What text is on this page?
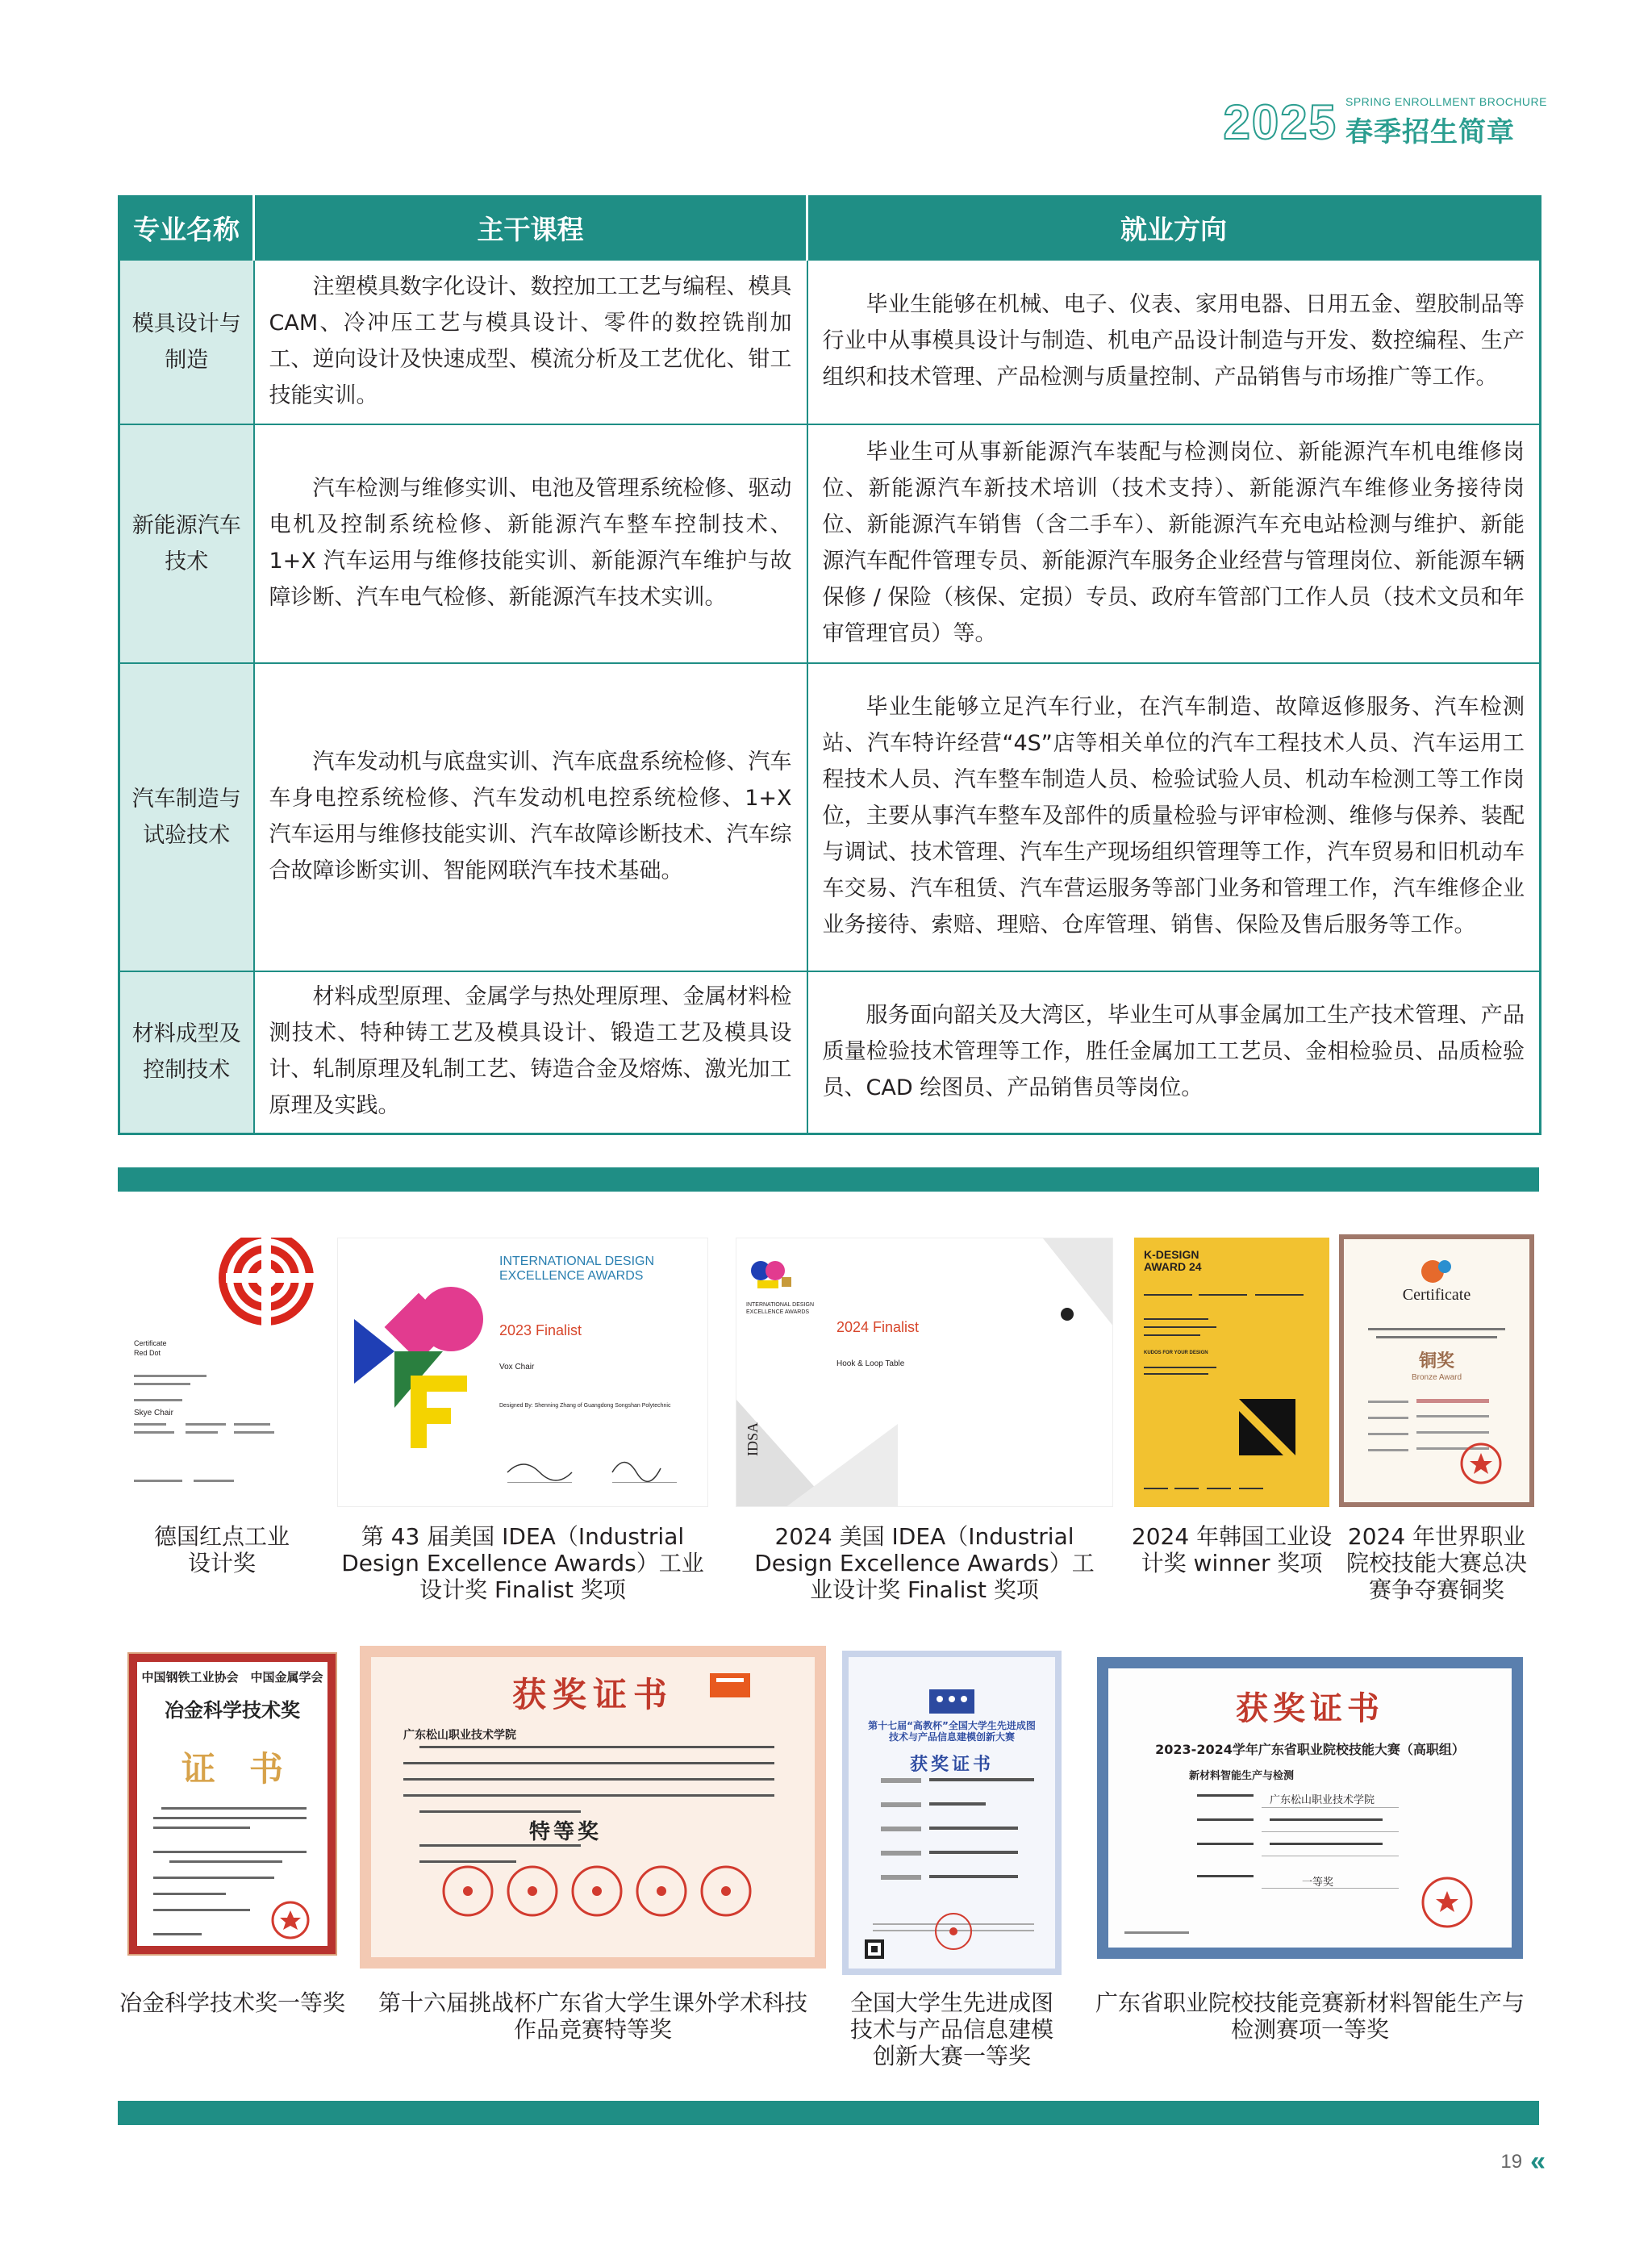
2025 SPRING ENROLLMENT BROCHURE
春季招生简章
专业名称	主干课程	就业方向
模具设计与制造	注塑模具数字化设计、数控加工工艺与编程、模具 CAM、冷冲压工艺与模具设计、零件的数控铣削加工、逆向设计及快速成型、模流分析及工艺优化、钳工技能实训。	毕业生能够在机械、电子、仪表、家用电器、日用五金、塑胶制品等行业中从事模具设计与制造、机电产品设计制造与开发、数控编程、生产组织和技术管理、产品检测与质量控制、产品销售与市场推广等工作。

新能源汽车技术	汽车检测与维修实训、电池及管理系统检修、驱动电机及控制系统检修、新能源汽车整车控制技术、1+X 汽车运用与维修技能实训、新能源汽车维护与故障诊断、汽车电气检修、新能源汽车技术实训。	毕业生可从事新能源汽车装配与检测岗位、新能源汽车机电维修岗位、新能源汽车新技术培训（技术支持）、新能源汽车维修业务接待岗位、新能源汽车销售（含二手车）、新能源汽车充电站检测与维护、新能源汽车配件管理专员、新能源汽车服务企业经营与管理岗位、新能源车辆保修 / 保险（核保、定损）专员、政府车管部门工作人员（技术文员和年审管理官员）等。

汽车制造与试验技术	汽车发动机与底盘实训、汽车底盘系统检修、汽车车身电控系统检修、汽车发动机电控系统检修、1+X 汽车运用与维修技能实训、汽车故障诊断技术、汽车综合故障诊断实训、智能网联汽车技术基础。	毕业生能够立足汽车行业，在汽车制造、故障返修服务、汽车检测站、汽车特许经营“4S”店等相关单位的汽车工程技术人员、汽车运用工程技术人员、汽车整车制造人员、检验试验人员、机动车检测工等工作岗位，主要从事汽车整车及部件的质量检验与评审检测、维修与保养、装配与调试、技术管理、汽车生产现场组织管理等工作，汽车贸易和旧机动车车交易、汽车租赁、汽车营运服务等部门业务和管理工作，汽车维修企业业务接待、索赔、理赔、仓库管理、销售、保险及售后服务等工作。

材料成型及控制技术	材料成型原理、金属学与热处理原理、金属材料检测技术、特种铸工艺及模具设计、锻造工艺及模具设计、轧制原理及轧制工艺、铸造合金及熔炼、激光加工原理及实践。	服务面向韶关及大湾区，毕业生可从事金属加工生产技术管理、产品质量检验技术管理等工作，胜任金属加工工艺员、金相检验员、品质检验员、CAD 绘图员、产品销售员等岗位。
Certificate
Red Dot
Skye Chair
INTERNATIONAL DESIGN EXCELLENCE AWARDS
2023 Finalist
Vox Chair
Designed By: Shenning Zhang of Guangdong Songshan Polytechnic
INTERNATIONAL DESIGN EXCELLENCE AWARDS
2024 Finalist
Hook & Loop Table
IDSA
K-DESIGN AWARD 24
KUDOS FOR YOUR DESIGN
Certificate
铜奖
Bronze Award
德国红点工业设计奖
第 43 届美国 IDEA（Industrial Design Excellence Awards）工业设计奖 Finalist 奖项
2024 美国 IDEA（Industrial Design Excellence Awards）工业设计奖 Finalist 奖项
2024 年韩国工业设计奖 winner 奖项
2024 年世界职业院校技能大赛总决赛争夺赛铜奖
中国钢铁工业协会　中国金属学会
冶金科学技术奖
证　书
获奖证书
广东松山职业技术学院
特等奖
第十七届“高教杯”全国大学生先进成图技术与产品信息建模创新大赛
获奖证书
获奖证书
2023-2024学年广东省职业院校技能大赛（高职组）
新材料智能生产与检测
广东松山职业技术学院
一等奖
冶金科学技术奖一等奖 第十六届挑战杯广东省大学生课外学术科技作品竞赛特等奖
全国大学生先进成图技术与产品信息建模创新大赛一等奖
广东省职业院校技能竞赛新材料智能生产与检测赛项一等奖
19 «
